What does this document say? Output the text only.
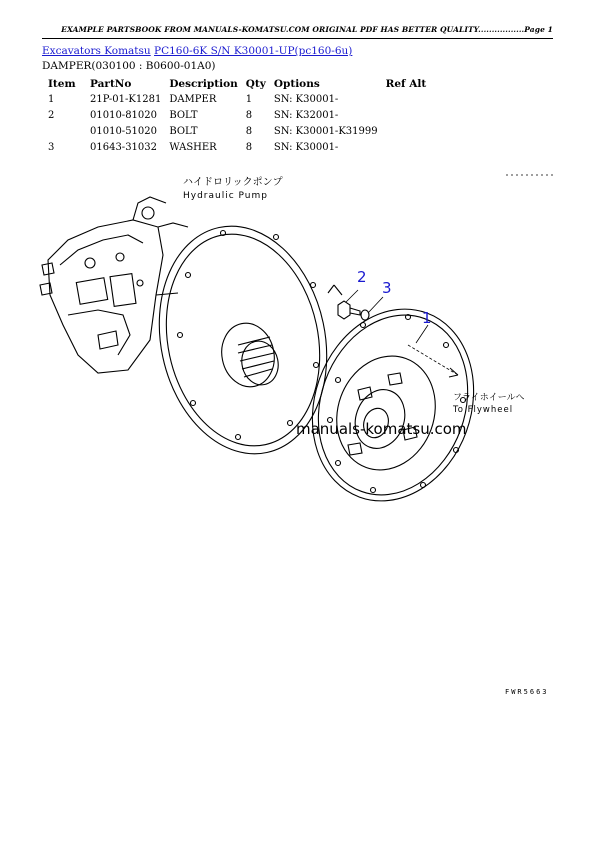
EXAMPLE PARTSBOOK FROM MANUALS-KOMATSU.COM ORIGINAL PDF HAS BETTER QUALITY.................Page 1
Excavators Komatsu PC160-6K S/N K30001-UP(pc160-6u)
DAMPER(030100 : B0600-01A0)
Item	PartNo	Description	Qty	Options	Ref Alt
1	21P-01-K1281	DAMPER	1	SN: K30001-	
2	01010-81020	BOLT	8	SN: K32001-	
	01010-51020	BOLT	8	SN: K30001-K31999	
3	01643-31032	WASHER	8	SN: K30001-	
ハイドロリックポンプ
Hydraulic Pump
フライホイールへ
To Flywheel
1
2
3
manuals-komatsu.com
FWR5663
